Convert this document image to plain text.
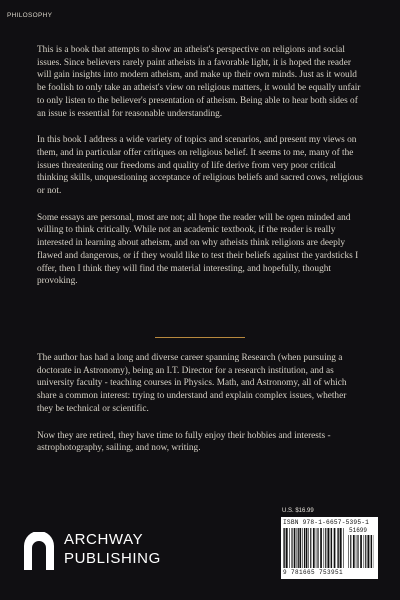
PHILOSOPHY

This is a book that attempts to show an atheist's perspective on religions and social issues. Since believers rarely paint atheists in a favorable light, it is hoped the reader will gain insights into modern atheism, and make up their own minds. Just as it would be foolish to only take an atheist's view on religious matters, it would be equally unfair to only listen to the believer's presentation of atheism. Being able to hear both sides of an issue is essential for reasonable understanding.

In this book I address a wide variety of topics and scenarios, and present my views on them, and in particular offer critiques on religious belief. It seems to me, many of the issues threatening our freedoms and quality of life derive from very poor critical thinking skills, unquestioning acceptance of religious beliefs and sacred cows, religious or not.

Some essays are personal, most are not; all hope the reader will be open minded and willing to think critically. While not an academic textbook, if the reader is really interested in learning about atheism, and on why atheists think religions are deeply flawed and dangerous, or if they would like to test their beliefs against the yardsticks I offer, then I think they will find the material interesting, and hopefully, thought provoking.

The author has had a long and diverse career spanning Research (when pursuing a doctorate in Astronomy), being an I.T. Director for a research institution, and as university faculty - teaching courses in Physics. Math, and Astronomy, all of which share a common interest: trying to understand and explain complex issues, whether they be technical or scientific.

Now they are retired, they have time to fully enjoy their hobbies and interests - astrophotography, sailing, and now, writing.

ARCHWAY
PUBLISHING
U.S. $16.99
ISBN 978-1-6657-5395-1
51699
9 781665 753951
